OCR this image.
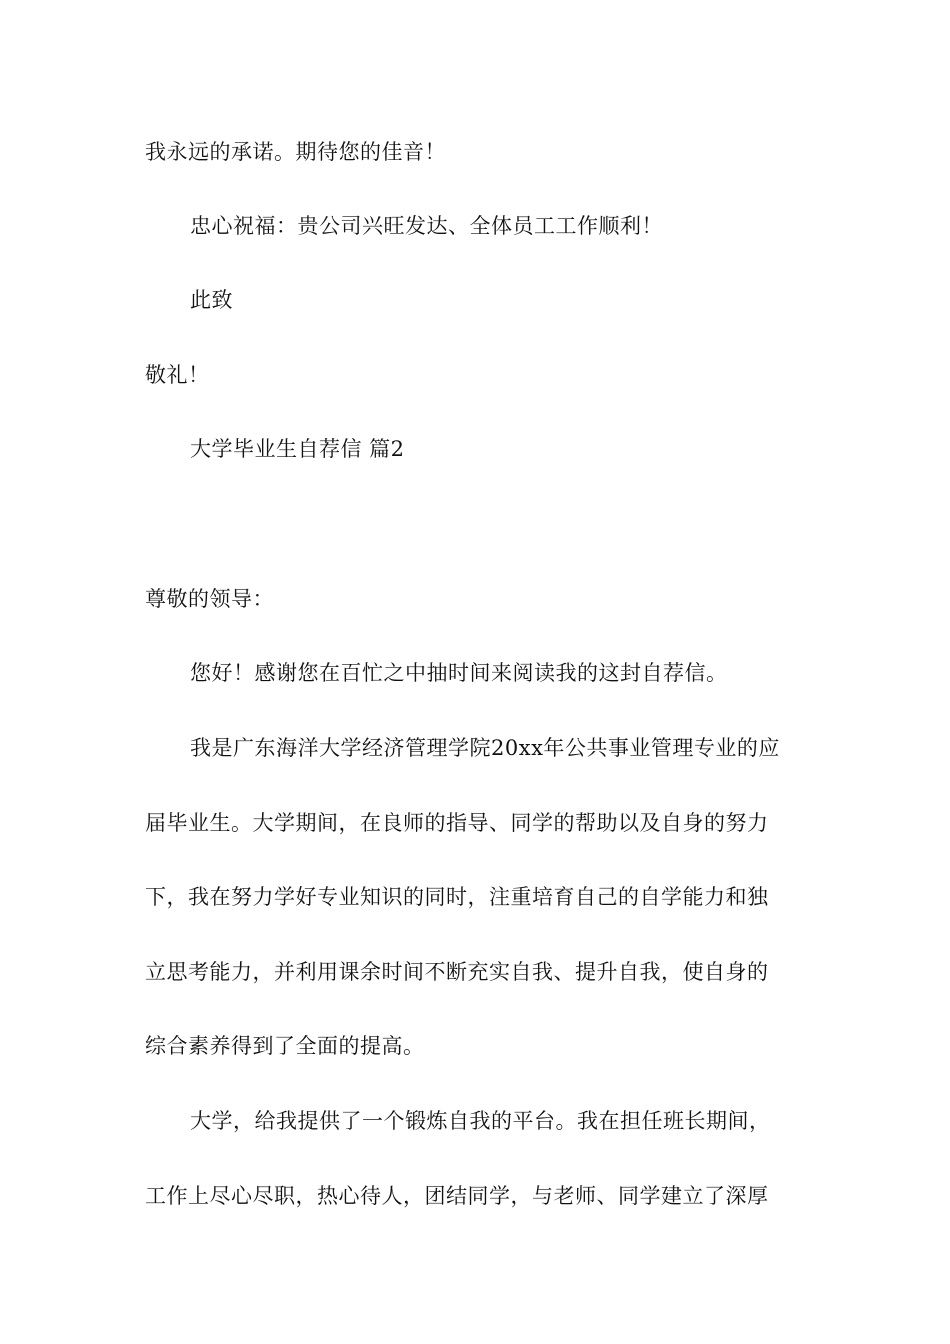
我永远的承诺。期待您的佳音！
忠心祝福：贵公司兴旺发达、全体员工工作顺利！
此致
敬礼！
大学毕业生自荐信 篇2
尊敬的领导：
您好！感谢您在百忙之中抽时间来阅读我的这封自荐信。
我是广东海洋大学经济管理学院20xx年公共事业管理专业的应
届毕业生。大学期间，在良师的指导、同学的帮助以及自身的努力
下，我在努力学好专业知识的同时，注重培育自己的自学能力和独
立思考能力，并利用课余时间不断充实自我、提升自我，使自身的
综合素养得到了全面的提高。
大学，给我提供了一个锻炼自我的平台。我在担任班长期间，
工作上尽心尽职，热心待人，团结同学，与老师、同学建立了深厚
